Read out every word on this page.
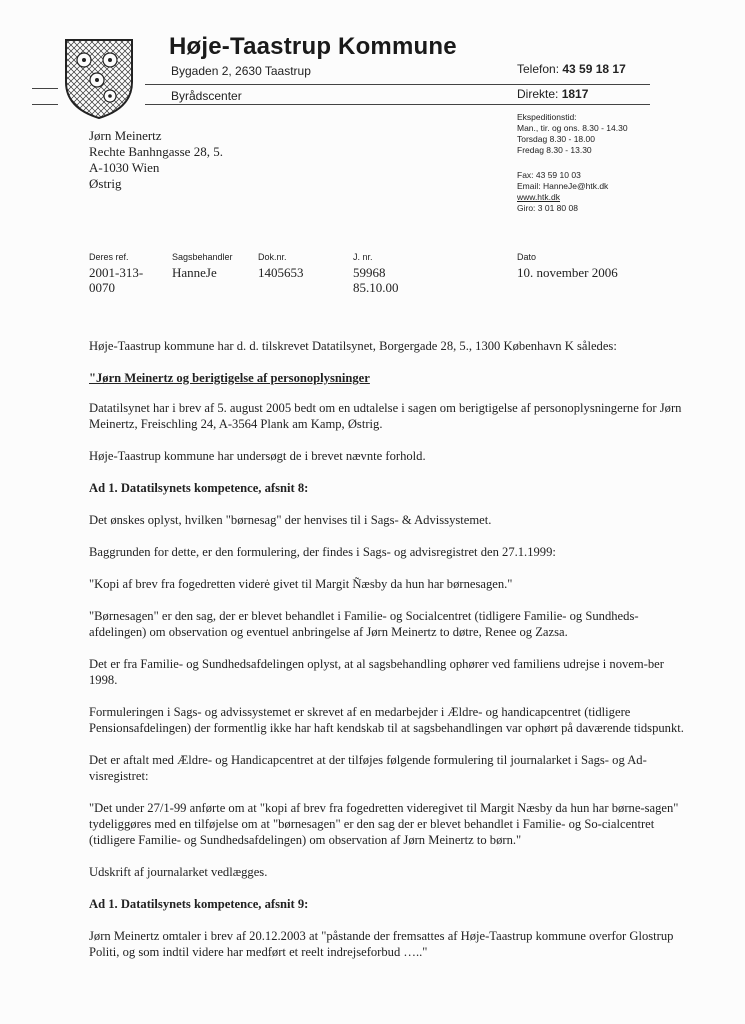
Høje-Taastrup Kommune
Bygaden 2, 2630 Taastrup
Byrådscenter
Telefon: 43 59 18 17
Direkte: 1817
Ekspeditionstid:
Man., tir. og ons. 8.30 - 14.30
Torsdag 8.30 - 18.00
Fredag 8.30 - 13.30
Fax: 43 59 10 03
Email: HanneJe@htk.dk
www.htk.dk
Giro: 3 01 80 08
Jørn Meinertz
Rechte Banhngasse 28, 5.
A-1030 Wien
Østrig
Deres ref.
2001-313-
0070
Sagsbehandler
HanneJe
Dok.nr.
1405653
J. nr.
59968
85.10.00
Dato
10. november 2006

Høje-Taastrup kommune har d. d. tilskrevet Datatilsynet, Borgergade 28, 5., 1300 København K således:

"Jørn Meinertz og berigtigelse af personoplysninger

Datatilsynet har i brev af 5. august 2005 bedt om en udtalelse i sagen om berigtigelse af personoplysningerne for Jørn Meinertz, Freischling 24, A-3564 Plank am Kamp, Østrig.

Høje-Taastrup kommune har undersøgt de i brevet nævnte forhold.

Ad 1. Datatilsynets kompetence, afsnit 8:

Det ønskes oplyst, hvilken "børnesag" der henvises til i Sags- & Advissystemet.

Baggrunden for dette, er den formulering, der findes i Sags- og advisregistret den 27.1.1999:

"Kopi af brev fra fogedretten viderė givet til Margit Ñæsby da hun har børnesagen."

"Børnesagen" er den sag, der er blevet behandlet i Familie- og Socialcentret (tidligere Familie- og Sundheds-afdelingen) om observation og eventuel anbringelse af Jørn Meinertz to døtre, Renee og Zazsa.

Det er fra Familie- og Sundhedsafdelingen oplyst, at al sagsbehandling ophører ved familiens udrejse i novem-ber 1998.

Formuleringen i Sags- og advissystemet er skrevet af en medarbejder i Ældre- og handicapcentret (tidligere Pensionsafdelingen) der formentlig ikke har haft kendskab til at sagsbehandlingen var ophørt på daværende tidspunkt.

Det er aftalt med Ældre- og Handicapcentret at der tilføjes følgende formulering til journalarket i Sags- og Ad-visregistret:

"Det under 27/1-99 anførte om at "kopi af brev fra fogedretten videregivet til Margit Næsby da hun har børne-sagen" tydeliggøres med en tilføjelse om at "børnesagen" er den sag der er blevet behandlet i Familie- og So-cialcentret (tidligere Familie- og Sundhedsafdelingen) om observation af Jørn Meinertz to børn."

Udskrift af journalarket vedlægges.

Ad 1. Datatilsynets kompetence, afsnit 9:

Jørn Meinertz omtaler i brev af 20.12.2003 at "påstande der fremsattes af Høje-Taastrup kommune overfor Glostrup Politi, og som indtil videre har medført et reelt indrejseforbud ….."
